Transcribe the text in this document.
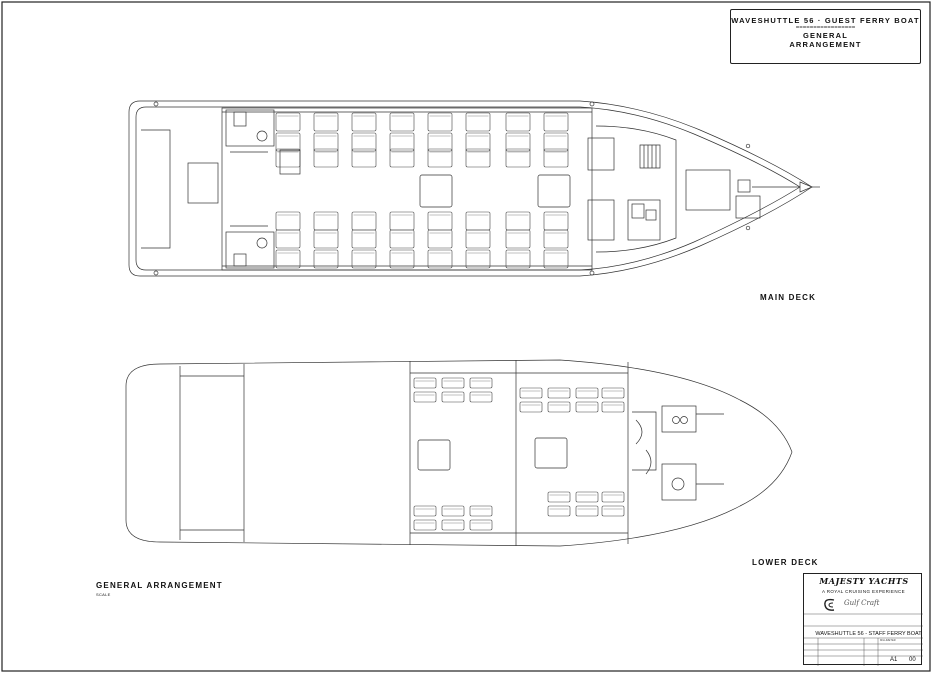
WAVESHUTTLE 56 · GUEST FERRY BOAT
=================
GENERAL
ARRANGEMENT
MAIN DECK
LOWER DECK
GENERAL ARRANGEMENT
SCALE
MAJESTY YACHTS
A ROYAL CRUISING EXPERIENCE
Gulf Craft
WAVESHUTTLE 56 - STAFF FERRY BOAT
MILLIMETER
A1 00
